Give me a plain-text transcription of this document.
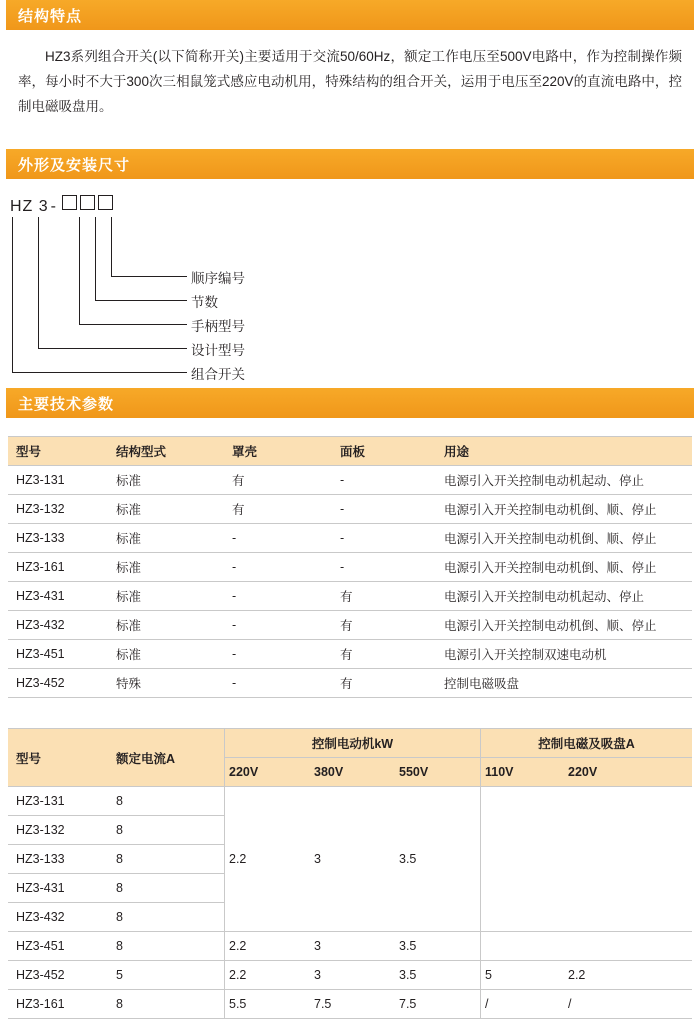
结构特点

HZ3系列组合开关(以下简称开关)主要适用于交流50/60Hz，额定工作电压至500V电路中，作为控制操作频率，每小时不大于300次三相鼠笼式感应电动机用，特殊结构的组合开关，运用于电压至220V的直流电路中，控制电磁吸盘用。

外形及安装尺寸
HZ 3 -
顺序编号
节数
手柄型号
设计型号
组合开关
主要技术参数
型号	结构型式	罩壳	面板	用途
HZ3-131	标准	有	-	电源引入开关控制电动机起动、停止
HZ3-132	标准	有	-	电源引入开关控制电动机倒、顺、停止
HZ3-133	标准	-	-	电源引入开关控制电动机倒、顺、停止
HZ3-161	标准	-	-	电源引入开关控制电动机倒、顺、停止
HZ3-431	标准	-	有	电源引入开关控制电动机起动、停止
HZ3-432	标准	-	有	电源引入开关控制电动机倒、顺、停止
HZ3-451	标准	-	有	电源引入开关控制双速电动机
HZ3-452	特殊	-	有	控制电磁吸盘
型号	额定电流A	控制电动机kW			控制电磁及吸盘A	
		220V	380V	550V	110V	220V
HZ3-131	8	2.2	3	3.5		
HZ3-132	8					
HZ3-133	8					
HZ3-431	8					
HZ3-432	8					
HZ3-451	8	2.2	3	3.5		
HZ3-452	5	2.2	3	3.5	5	2.2
HZ3-161	8	5.5	7.5	7.5	/	/
